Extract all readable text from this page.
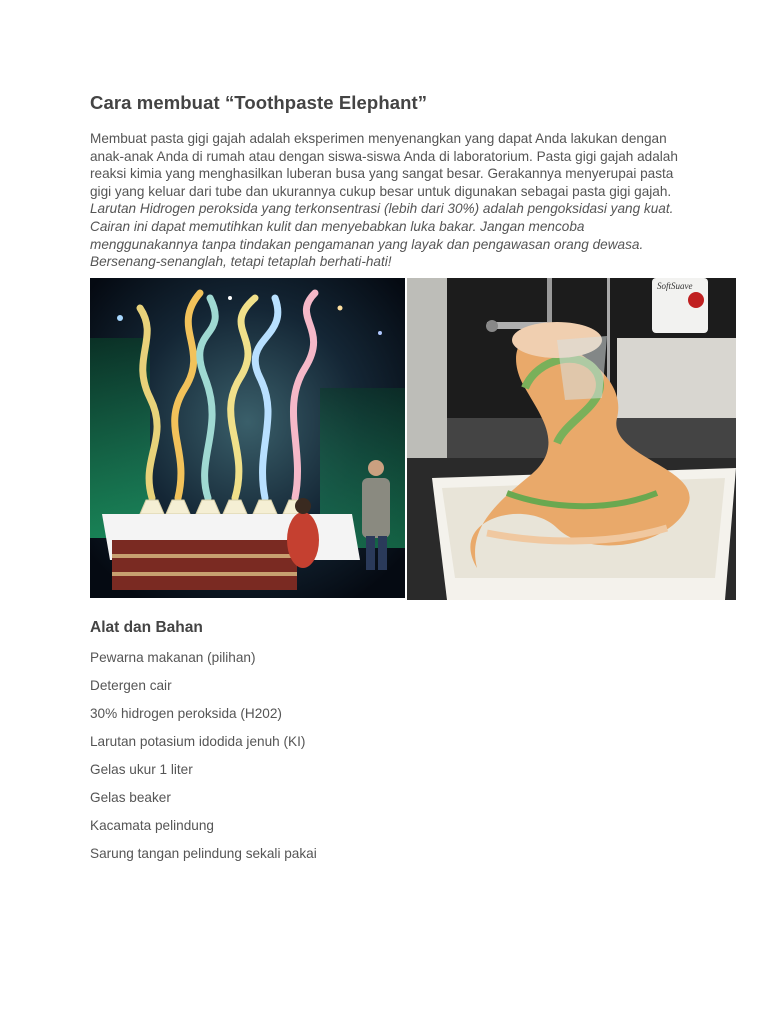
Cara membuat “Toothpaste Elephant”

Membuat pasta gigi gajah adalah eksperimen menyenangkan yang dapat Anda lakukan dengan anak-anak Anda di rumah atau dengan siswa-siswa Anda di laboratorium. Pasta gigi gajah adalah reaksi kimia yang menghasilkan luberan busa yang sangat besar. Gerakannya menyerupai pasta gigi yang keluar dari tube dan ukurannya cukup besar untuk digunakan sebagai pasta gigi gajah. Larutan Hidrogen peroksida yang terkonsentrasi (lebih dari 30%) adalah pengoksidasi yang kuat. Cairan ini dapat memutihkan kulit dan menyebabkan luka bakar. Jangan mencoba menggunakannya tanpa tindakan pengamanan yang layak dan pengawasan orang dewasa. Bersenang-senanglah, tetapi tetaplah berhati-hati!

SoftSuave
Alat dan Bahan
Pewarna makanan (pilihan)
Detergen cair
30% hidrogen peroksida (H202)
Larutan potasium idodida jenuh (KI)
Gelas ukur 1 liter
Gelas beaker
Kacamata pelindung
Sarung tangan pelindung sekali pakai
